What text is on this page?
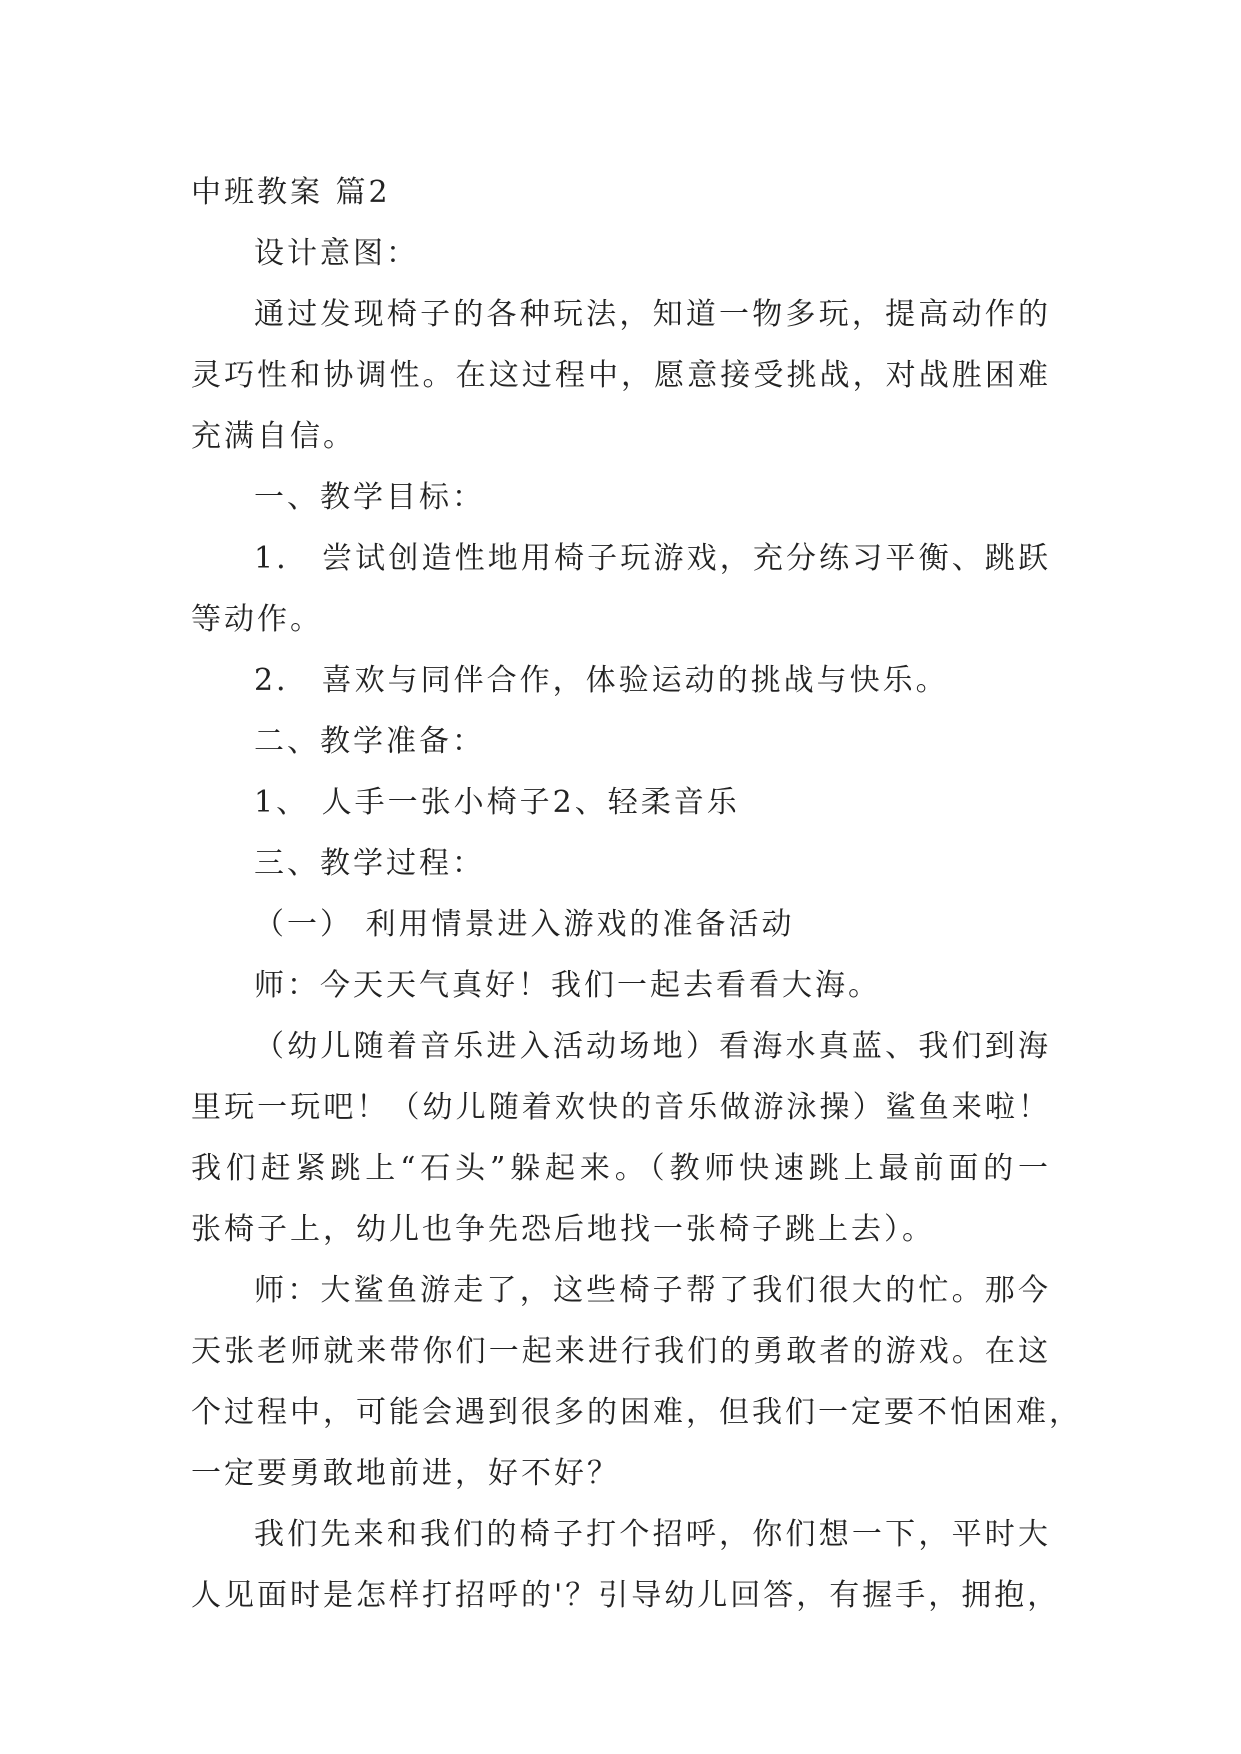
中班教案 篇2
设计意图：
通过发现椅子的各种玩法，知道一物多玩，提高动作的
灵巧性和协调性。在这过程中，愿意接受挑战，对战胜困难
充满自信。
一、教学目标：
1． 尝试创造性地用椅子玩游戏，充分练习平衡、跳跃
等动作。
2． 喜欢与同伴合作，体验运动的挑战与快乐。
二、教学准备：
1、 人手一张小椅子2、轻柔音乐
三、教学过程：
（一） 利用情景进入游戏的准备活动
师：今天天气真好！我们一起去看看大海。
（幼儿随着音乐进入活动场地）看海水真蓝、我们到海
里玩一玩吧！（幼儿随着欢快的音乐做游泳操）鲨鱼来啦！
我们赶紧跳上“石头”躲起来。（教师快速跳上最前面的一
张椅子上，幼儿也争先恐后地找一张椅子跳上去）。
师：大鲨鱼游走了，这些椅子帮了我们很大的忙。那今
天张老师就来带你们一起来进行我们的勇敢者的游戏。在这
个过程中，可能会遇到很多的困难，但我们一定要不怕困难，
一定要勇敢地前进，好不好？
我们先来和我们的椅子打个招呼，你们想一下，平时大
人见面时是怎样打招呼的'？引导幼儿回答，有握手，拥抱，
